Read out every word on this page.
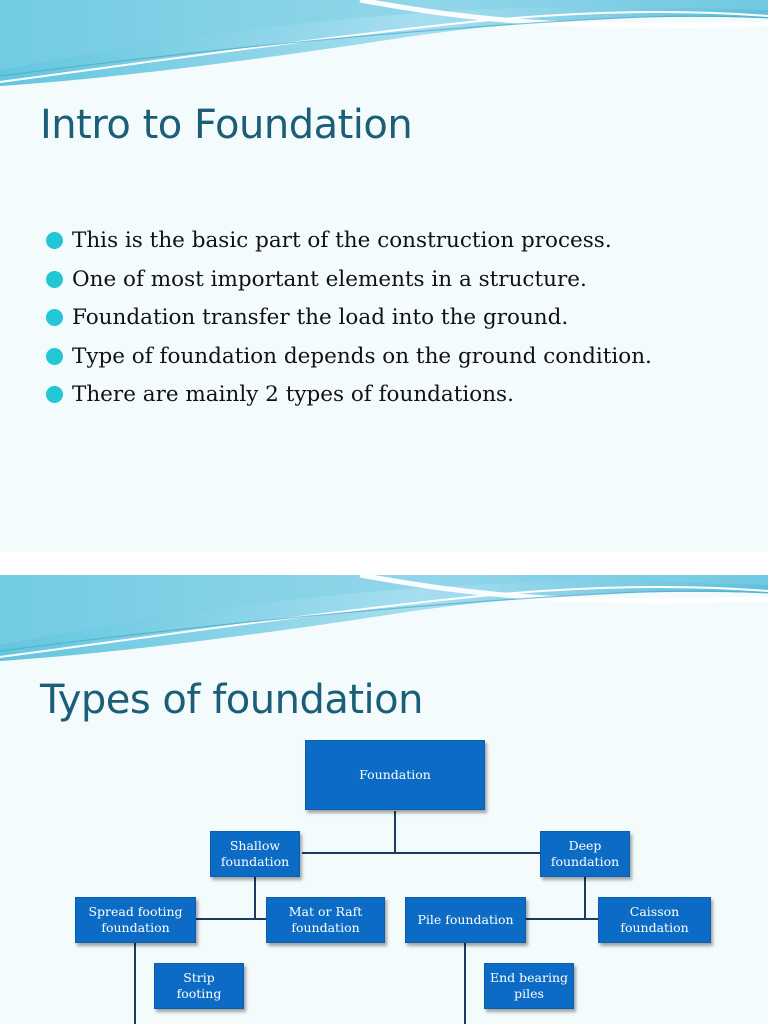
Intro to Foundation
This is the basic part of the construction process.
One of most important elements in a structure.
Foundation transfer the load into the ground.
Type of foundation depends on the ground condition.
There are mainly 2 types of foundations.
Types of foundation
Foundation
Shallow foundation
Deep foundation
Spread footing foundation
Mat or Raft foundation
Pile foundation
Caisson foundation
Strip footing
End bearing piles
